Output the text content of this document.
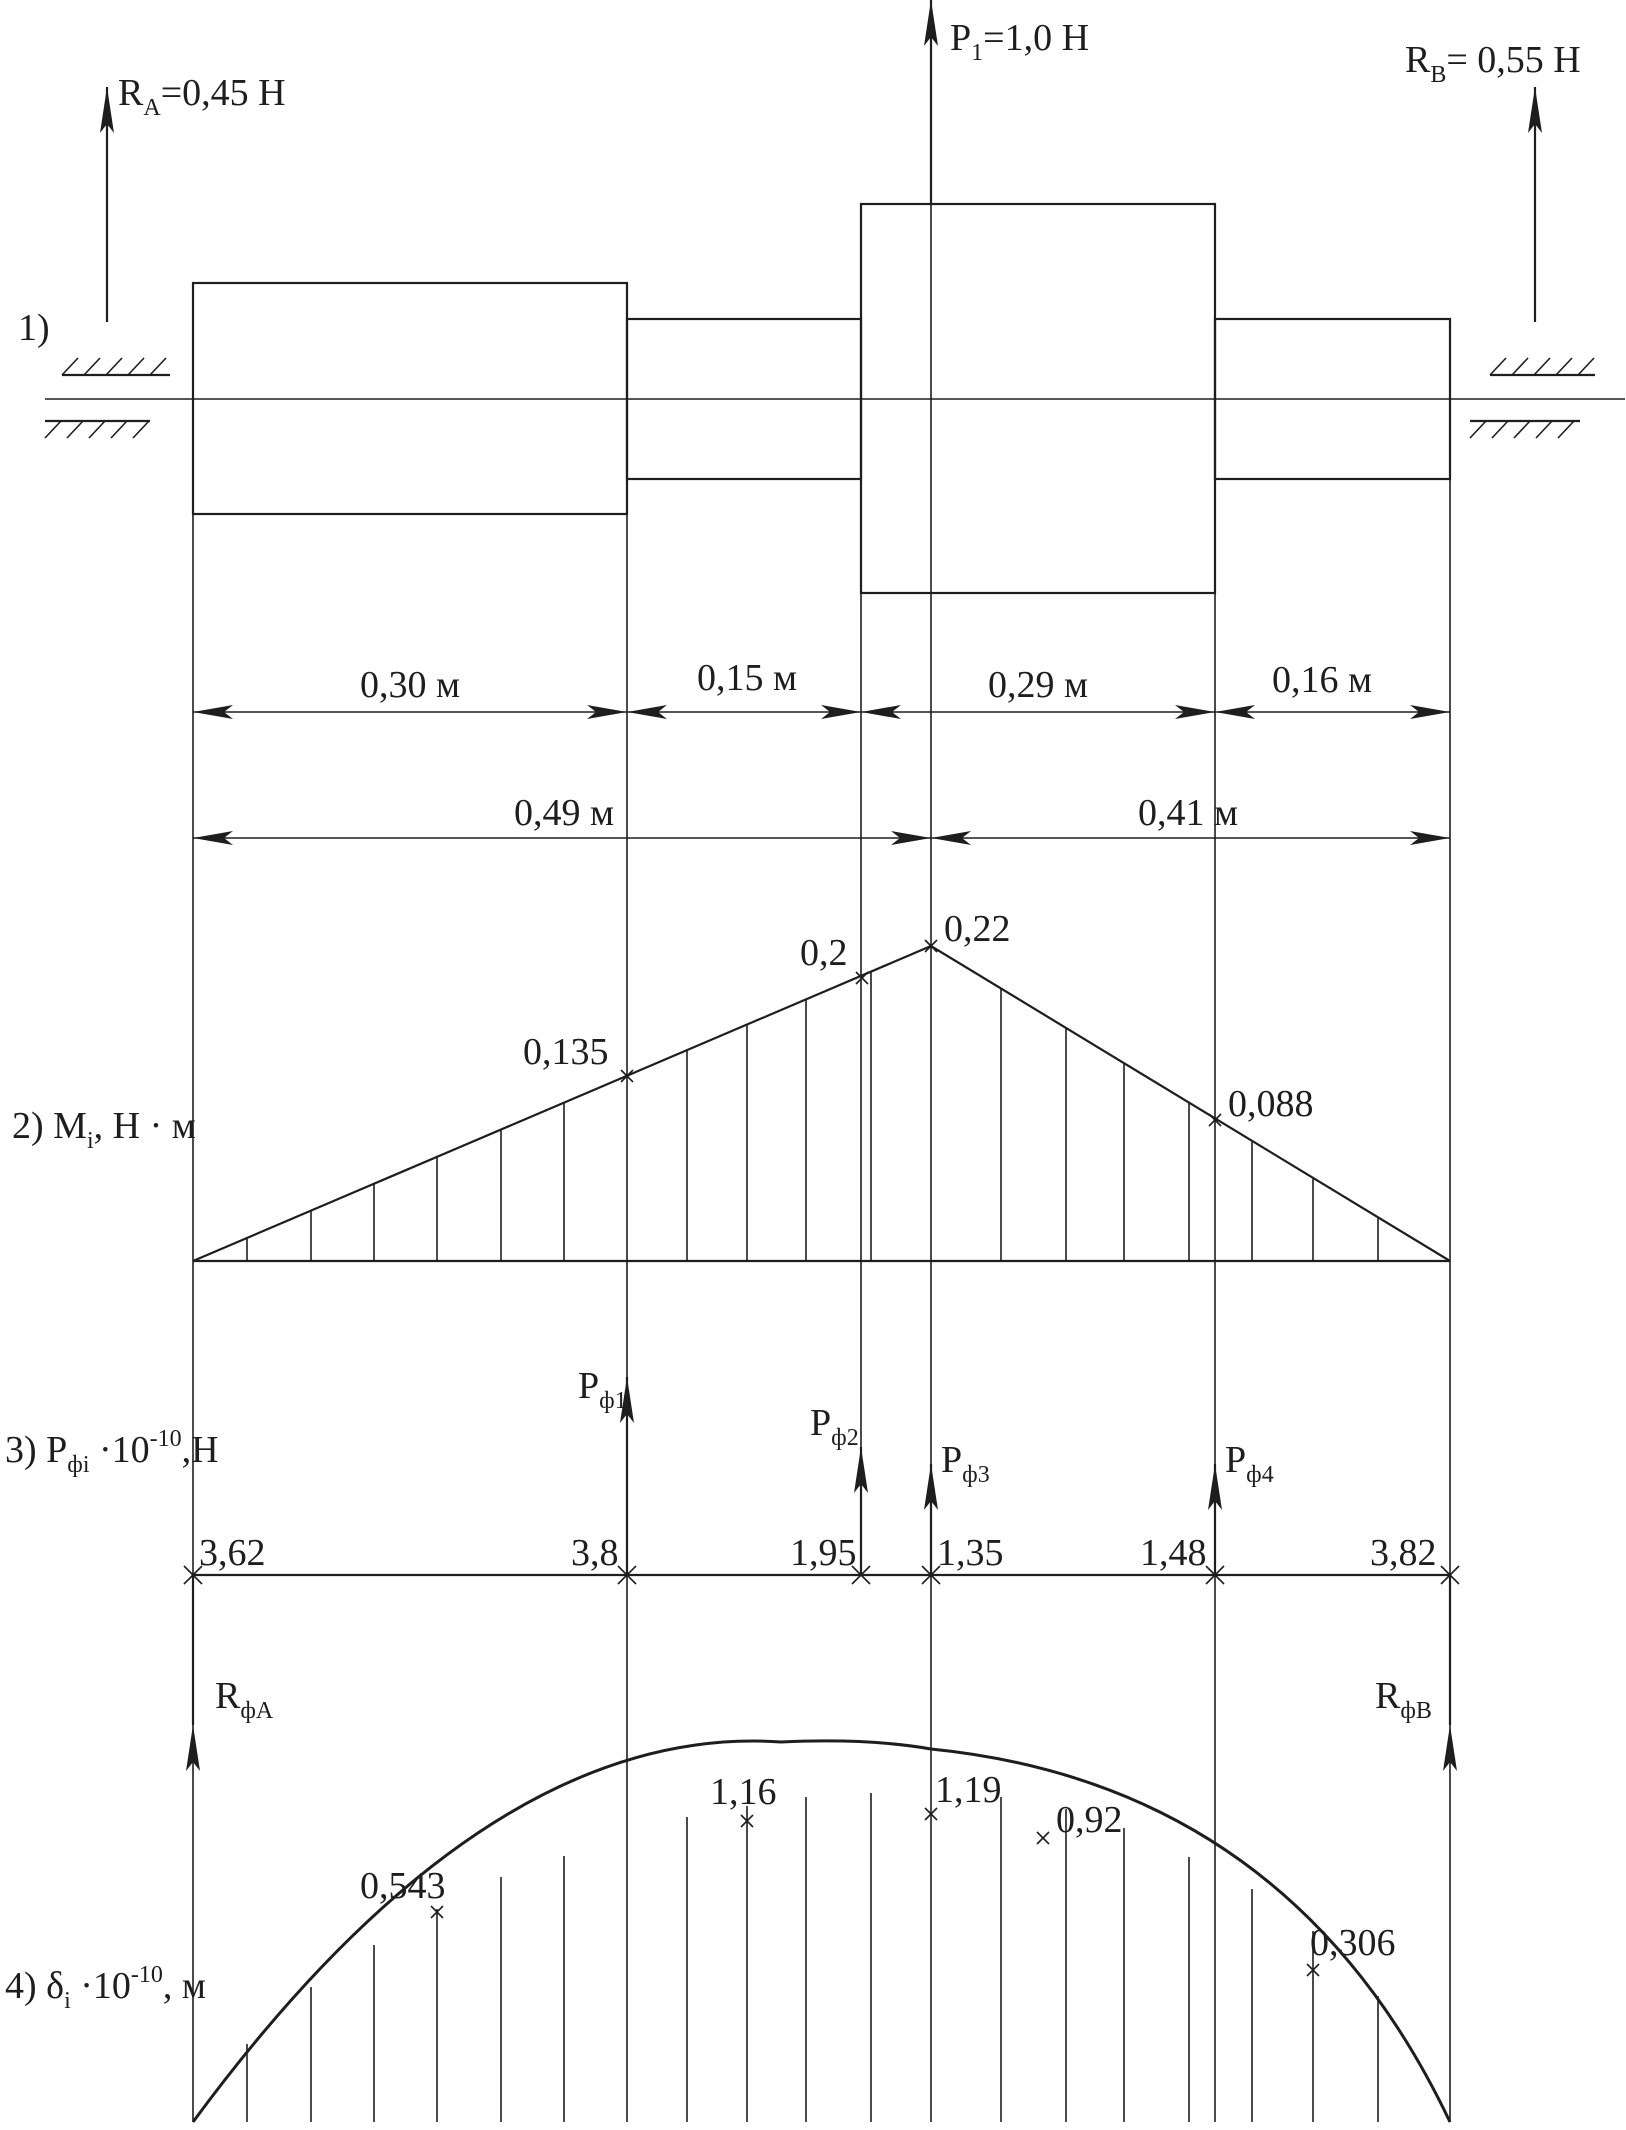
$R_A=0,45$ H
$R_B= 0,55$ H
$P_1=1,0$ H
1)
0,30 м	0,15 м	0,29 м	0,16 м
0,49 м	0,41 м
0,135
0,2
0,22
0,088
2) $M_i$, H · м
3,62	3,8	1,95 1,35	1,48	3,82
$P_{ф1}$
$P_{ф2}$
$P_{ф3}$	$P_{ф4}$
$R_{фA}$	$R_{фB}$
3) $P_{фi} \cdot 10^{-10},H$
0,543
1,16	1,19
0,92
0,306
4) $\delta_i \cdot 10^{-10}$, м
